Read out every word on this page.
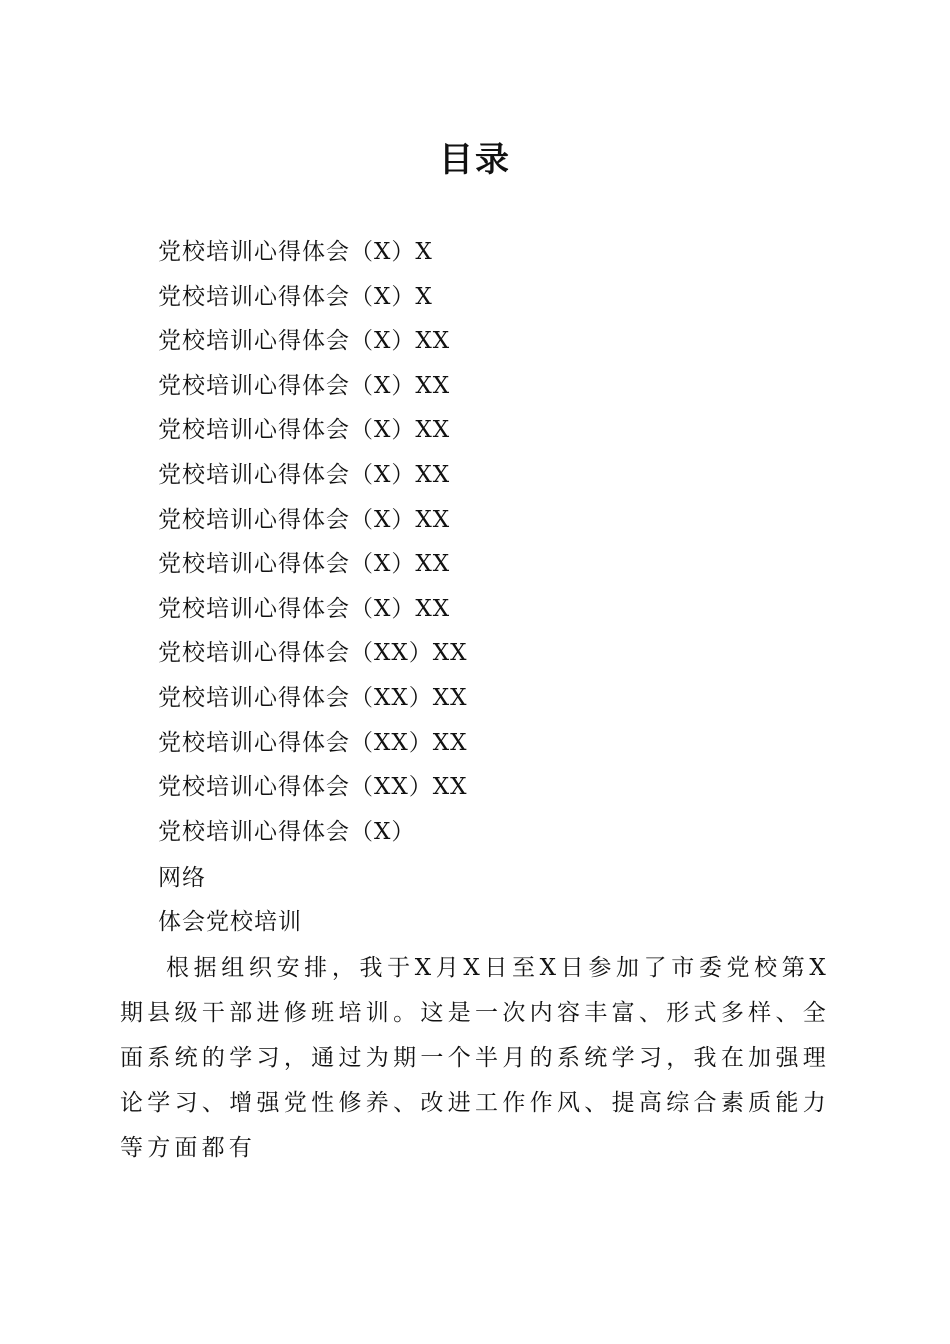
目录
党校培训心得体会（X）X
党校培训心得体会（X）X
党校培训心得体会（X）XX
党校培训心得体会（X）XX
党校培训心得体会（X）XX
党校培训心得体会（X）XX
党校培训心得体会（X）XX
党校培训心得体会（X）XX
党校培训心得体会（X）XX
党校培训心得体会（XX）XX
党校培训心得体会（XX）XX
党校培训心得体会（XX）XX
党校培训心得体会（XX）XX
党校培训心得体会（X）
网络
体会党校培训

根据组织安排，我于X月X日至X日参加了市委党校第X期县级干部进修班培训。这是一次内容丰富、形式多样、全面系统的学习，通过为期一个半月的系统学习，我在加强理论学习、增强党性修养、改进工作作风、提高综合素质能力等方面都有
